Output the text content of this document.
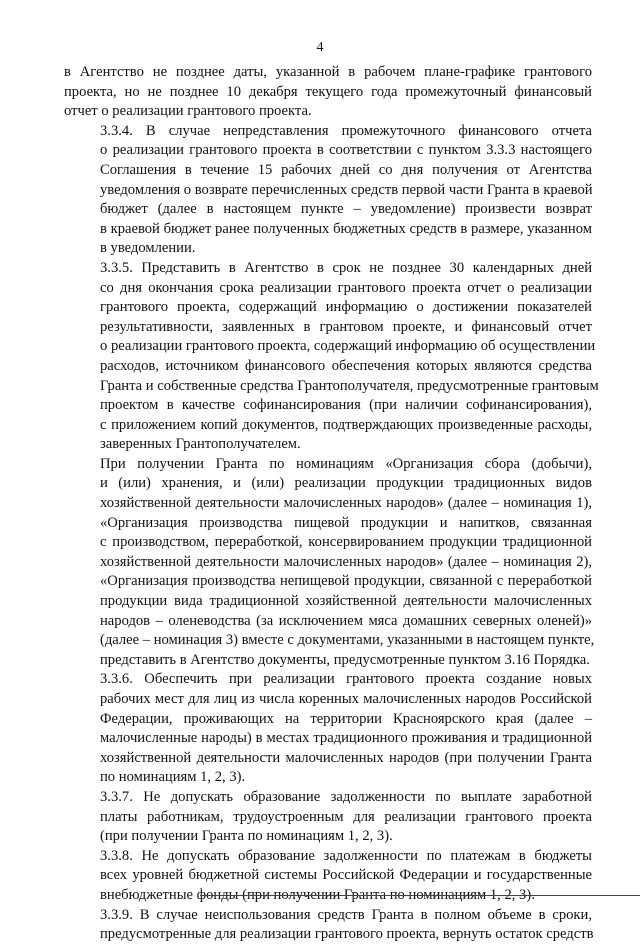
4
в Агентство не позднее даты, указанной в рабочем плане-графике грантового
проекта, но не позднее 10 декабря текущего года промежуточный финансовый
отчет о реализации грантового проекта.
3.3.4. В случае непредставления промежуточного финансового отчета
о реализации грантового проекта в соответствии с пунктом 3.3.3 настоящего
Соглашения в течение 15 рабочих дней со дня получения от Агентства
уведомления о возврате перечисленных средств первой части Гранта в краевой
бюджет (далее в настоящем пункте – уведомление) произвести возврат
в краевой бюджет ранее полученных бюджетных средств в размере, указанном
в уведомлении.
3.3.5. Представить в Агентство в срок не позднее 30 календарных дней
со дня окончания срока реализации грантового проекта отчет о реализации
грантового проекта, содержащий информацию о достижении показателей
результативности, заявленных в грантовом проекте, и финансовый отчет
о реализации грантового проекта, содержащий информацию об осуществлении
расходов, источником финансового обеспечения которых являются средства
Гранта и собственные средства Грантополучателя, предусмотренные грантовым
проектом в качестве софинансирования (при наличии софинансирования),
с приложением копий документов, подтверждающих произведенные расходы,
заверенных Грантополучателем.
При получении Гранта по номинациям «Организация сбора (добычи),
и (или) хранения, и (или) реализации продукции традиционных видов
хозяйственной деятельности малочисленных народов» (далее – номинация 1),
«Организация производства пищевой продукции и напитков, связанная
с производством, переработкой, консервированием продукции традиционной
хозяйственной деятельности малочисленных народов» (далее – номинация 2),
«Организация производства непищевой продукции, связанной с переработкой
продукции вида традиционной хозяйственной деятельности малочисленных
народов – оленеводства (за исключением мяса домашних северных оленей)»
(далее – номинация 3) вместе с документами, указанными в настоящем пункте,
представить в Агентство документы, предусмотренные пунктом 3.16 Порядка.
3.3.6. Обеспечить при реализации грантового проекта создание новых
рабочих мест для лиц из числа коренных малочисленных народов Российской
Федерации, проживающих на территории Красноярского края (далее –
малочисленные народы) в местах традиционного проживания и традиционной
хозяйственной деятельности малочисленных народов (при получении Гранта
по номинациям 1, 2, 3).
3.3.7. Не допускать образование задолженности по выплате заработной
платы работникам, трудоустроенным для реализации грантового проекта
(при получении Гранта по номинациям 1, 2, 3).
3.3.8. Не допускать образование задолженности по платежам в бюджеты
всех уровней бюджетной системы Российской Федерации и государственные
внебюджетные фонды (при получении Гранта по номинациям 1, 2, 3).
3.3.9. В случае неиспользования средств Гранта в полном объеме в сроки,
предусмотренные для реализации грантового проекта, вернуть остаток средств
